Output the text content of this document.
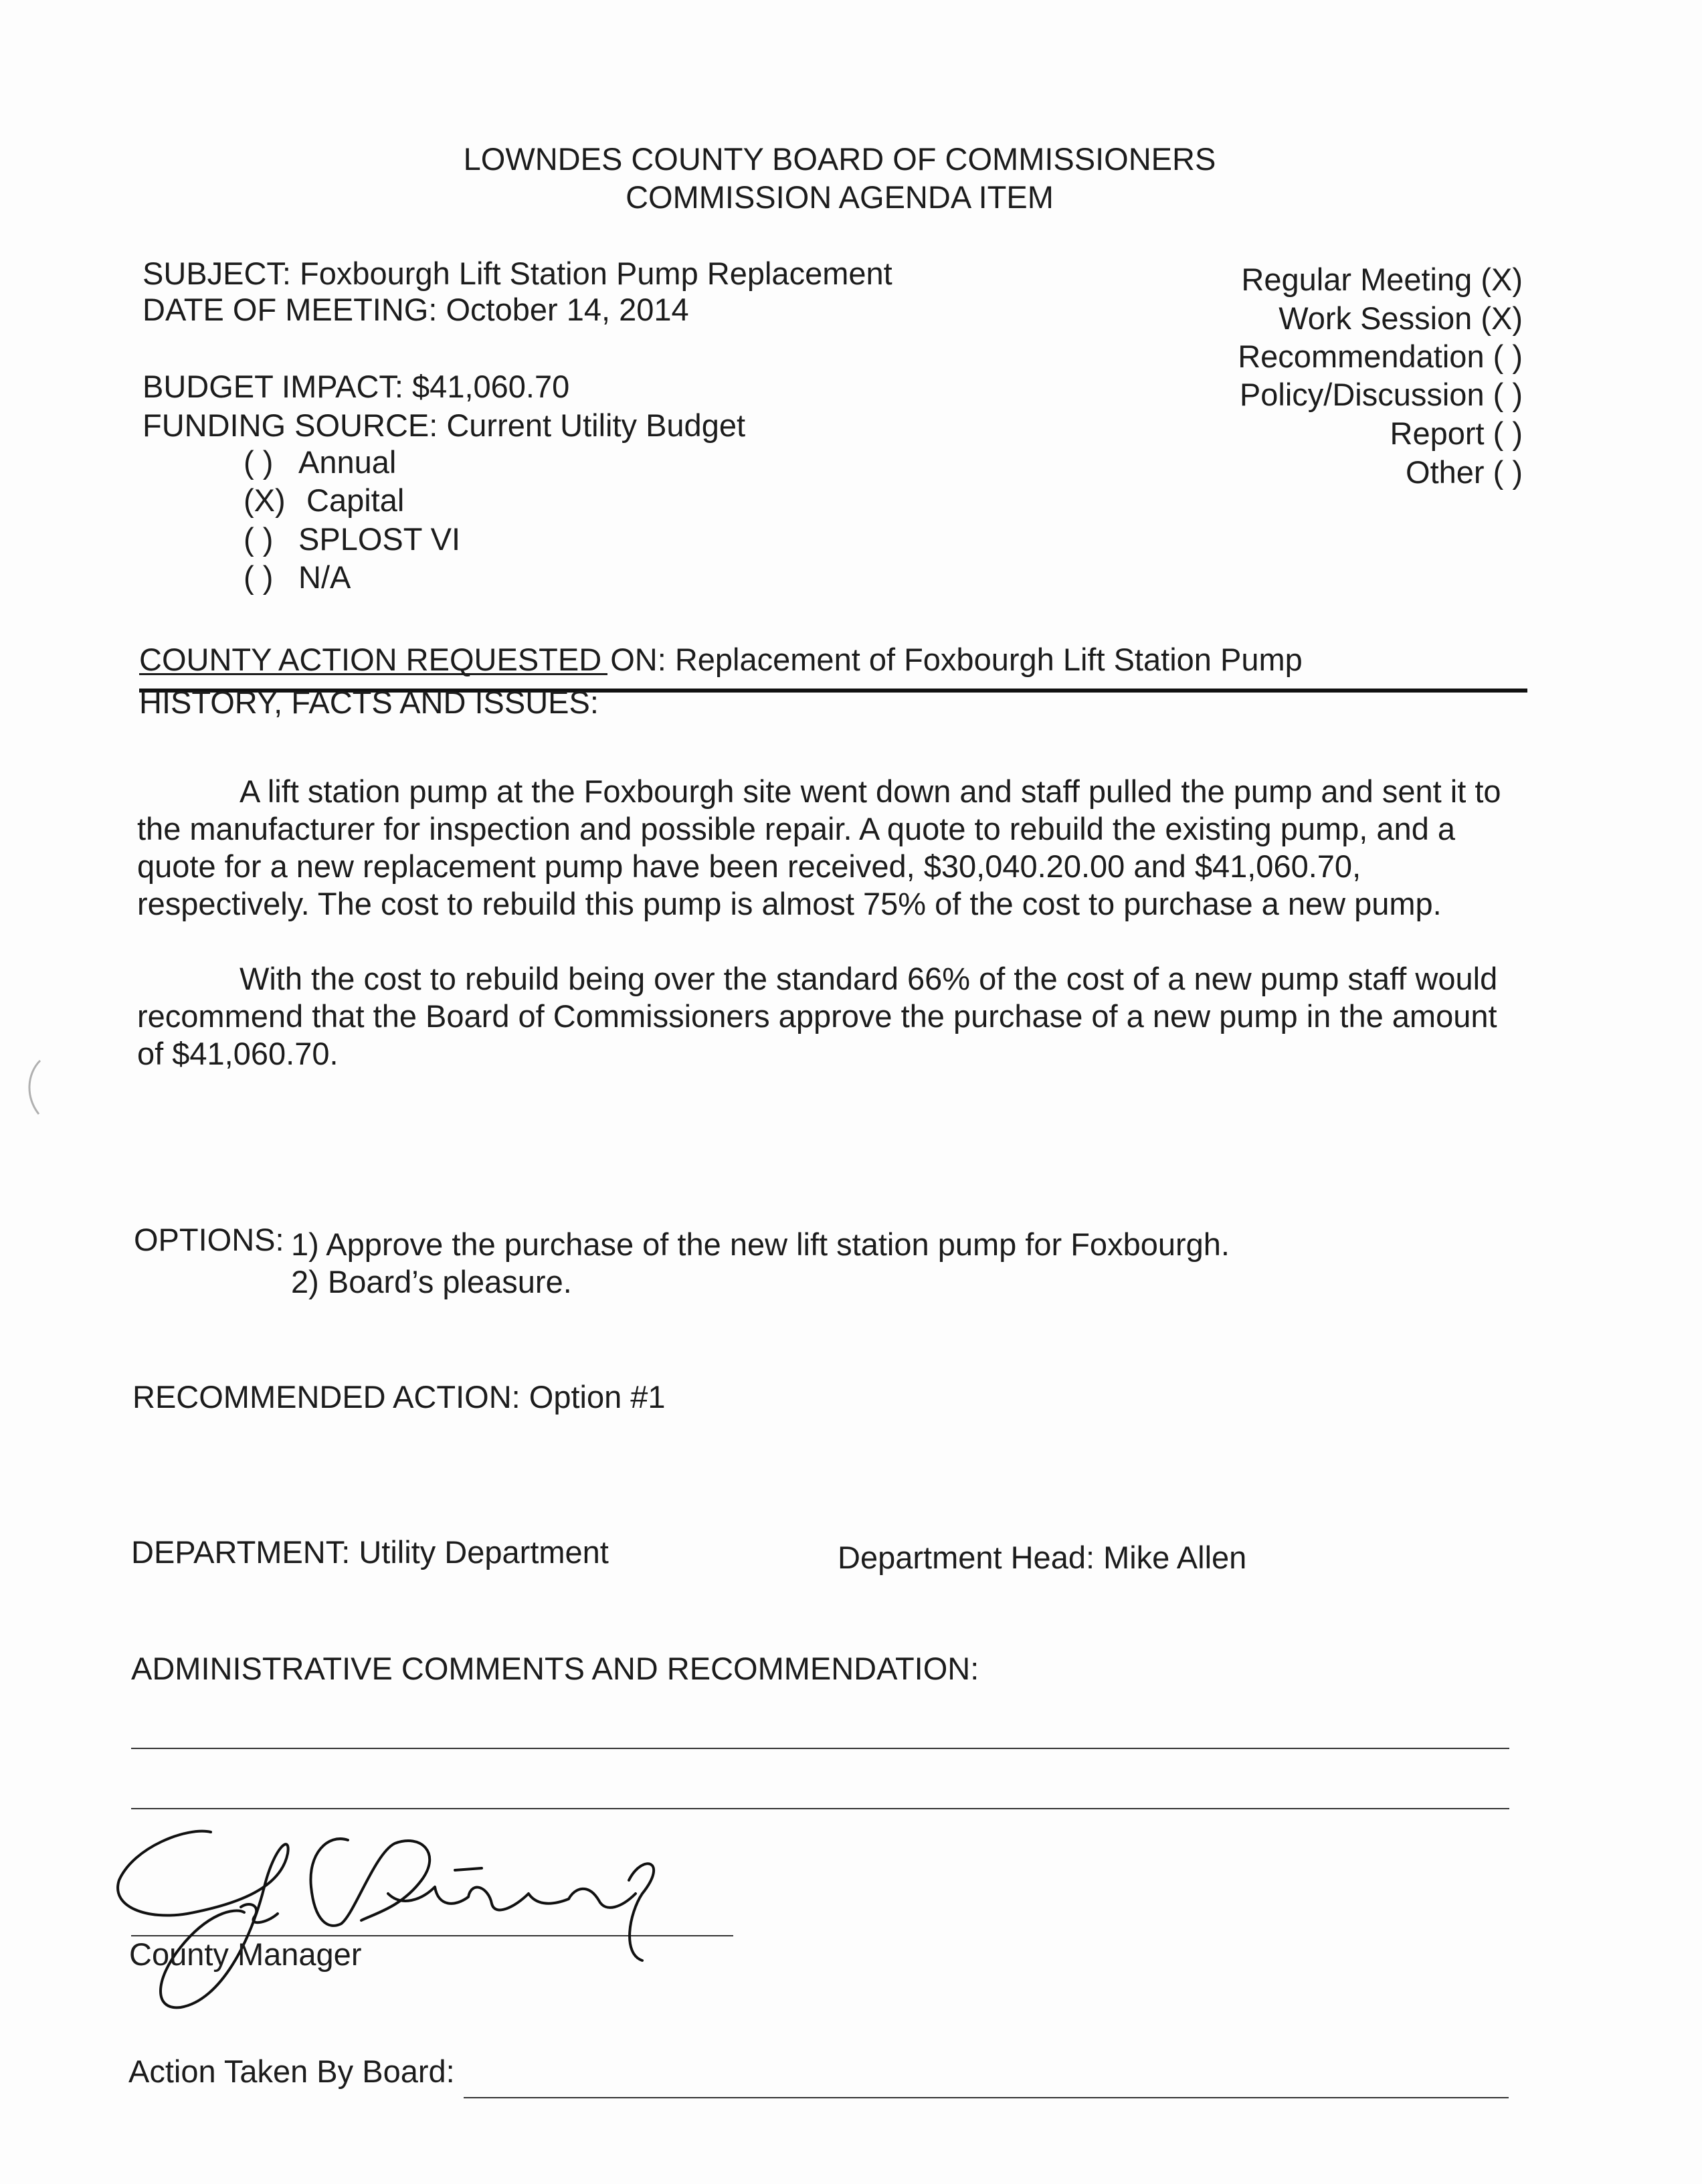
LOWNDES COUNTY BOARD OF COMMISSIONERS
COMMISSION AGENDA ITEM
SUBJECT: Foxbourgh Lift Station Pump Replacement
DATE OF MEETING: October 14, 2014
Regular Meeting (X)
Work Session (X)
Recommendation ( )
Policy/Discussion ( )
Report ( )
Other ( )
BUDGET IMPACT: $41,060.70
FUNDING SOURCE: Current Utility Budget
( ) Annual
(X) Capital
( ) SPLOST VI
( ) N/A
COUNTY ACTION REQUESTED ON: Replacement of Foxbourgh Lift Station Pump
HISTORY, FACTS AND ISSUES:
A lift station pump at the Foxbourgh site went down and staff pulled the pump and sent it to the manufacturer for inspection and possible repair. A quote to rebuild the existing pump, and a quote for a new replacement pump have been received, $30,040.20.00 and $41,060.70, respectively. The cost to rebuild this pump is almost 75% of the cost to purchase a new pump.
With the cost to rebuild being over the standard 66% of the cost of a new pump staff would recommend that the Board of Commissioners approve the purchase of a new pump in the amount of $41,060.70.
OPTIONS: 1) Approve the purchase of the new lift station pump for Foxbourgh.
2) Board’s pleasure.
RECOMMENDED ACTION: Option #1
DEPARTMENT: Utility Department	Department Head: Mike Allen
ADMINISTRATIVE COMMENTS AND RECOMMENDATION:
County Manager
Action Taken By Board:
